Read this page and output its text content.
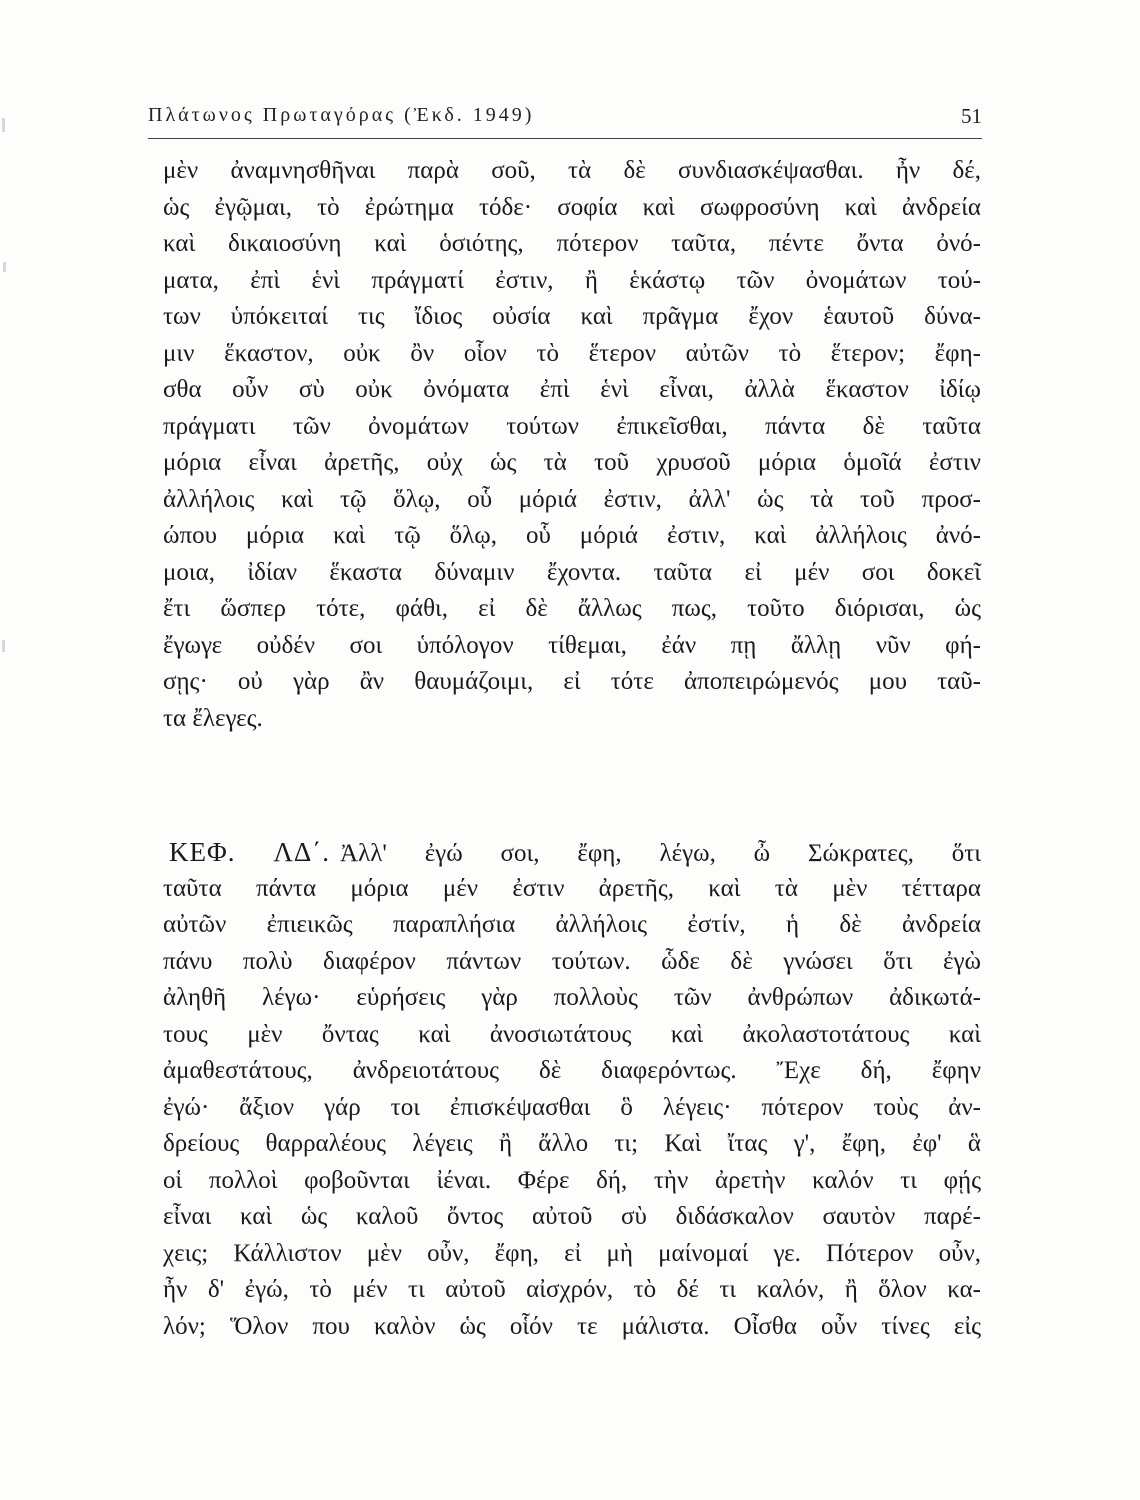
Πλάτωνος Πρωταγόρας (Ἐκδ. 1949)	51
μὲν ἀναμνησθῆναι παρὰ σοῦ, τὰ δὲ συνδιασκέψασθαι. ἦν δέ,
ὡς ἐγῷμαι, τὸ ἐρώτημα τόδε· σοφία καὶ σωφροσύνη καὶ ἀνδρεία
καὶ δικαιοσύνη καὶ ὁσιότης, πότερον ταῦτα, πέντε ὄντα ὀνό-
ματα, ἐπὶ ἑνὶ πράγματί ἐστιν, ἢ ἑκάστῳ τῶν ὀνομάτων τού-
των ὑπόκειταί τις ἴδιος οὐσία καὶ πρᾶγμα ἔχον ἑαυτοῦ δύνα-
μιν ἕκαστον, οὐκ ὂν οἷον τὸ ἕτερον αὐτῶν τὸ ἕτερον; ἔφη-
σθα οὖν σὺ οὐκ ὀνόματα ἐπὶ ἑνὶ εἶναι, ἀλλὰ ἕκαστον ἰδίῳ
πράγματι τῶν ὀνομάτων τούτων ἐπικεῖσθαι, πάντα δὲ ταῦτα
μόρια εἶναι ἀρετῆς, οὐχ ὡς τὰ τοῦ χρυσοῦ μόρια ὁμοῖά ἐστιν
ἀλλήλοις καὶ τῷ ὅλῳ, οὗ μόριά ἐστιν, ἀλλ' ὡς τὰ τοῦ προσ-
ώπου μόρια καὶ τῷ ὅλῳ, οὗ μόριά ἐστιν, καὶ ἀλλήλοις ἀνό-
μοια, ἰδίαν ἕκαστα δύναμιν ἔχοντα. ταῦτα εἰ μέν σοι δοκεῖ
ἔτι ὥσπερ τότε, φάθι, εἰ δὲ ἄλλως πως, τοῦτο διόρισαι, ὡς
ἔγωγε οὐδέν σοι ὑπόλογον τίθεμαι, ἐάν πῃ ἄλλῃ νῦν φή-
σῃς· οὐ γὰρ ἂν θαυμάζοιμι, εἰ τότε ἀποπειρώμενός μου ταῦ-
τα ἔλεγες.
ΚΕΦ. ΛΔ΄. Ἀλλ' ἐγώ σοι, ἔφη, λέγω, ὦ Σώκρατες, ὅτι
ταῦτα πάντα μόρια μέν ἐστιν ἀρετῆς, καὶ τὰ μὲν τέτταρα
αὐτῶν ἐπιεικῶς παραπλήσια ἀλλήλοις ἐστίν, ἡ δὲ ἀνδρεία
πάνυ πολὺ διαφέρον πάντων τούτων. ὧδε δὲ γνώσει ὅτι ἐγὼ
ἀληθῆ λέγω· εὑρήσεις γὰρ πολλοὺς τῶν ἀνθρώπων ἀδικωτά-
τους μὲν ὄντας καὶ ἀνοσιωτάτους καὶ ἀκολαστοτάτους καὶ
ἀμαθεστάτους, ἀνδρειοτάτους δὲ διαφερόντως. Ἔχε δή, ἔφην
ἐγώ· ἄξιον γάρ τοι ἐπισκέψασθαι ὃ λέγεις· πότερον τοὺς ἀν-
δρείους θαρραλέους λέγεις ἢ ἄλλο τι; Καὶ ἴτας γ', ἔφη, ἐφ' ἃ
οἱ πολλοὶ φοβοῦνται ἰέναι. Φέρε δή, τὴν ἀρετὴν καλόν τι φῄς
εἶναι καὶ ὡς καλοῦ ὄντος αὐτοῦ σὺ διδάσκαλον σαυτὸν παρέ-
χεις; Κάλλιστον μὲν οὖν, ἔφη, εἰ μὴ μαίνομαί γε. Πότερον οὖν,
ἦν δ' ἐγώ, τὸ μέν τι αὐτοῦ αἰσχρόν, τὸ δέ τι καλόν, ἢ ὅλον κα-
λόν; Ὅλον που καλὸν ὡς οἷόν τε μάλιστα. Οἶσθα οὖν τίνες εἰς
